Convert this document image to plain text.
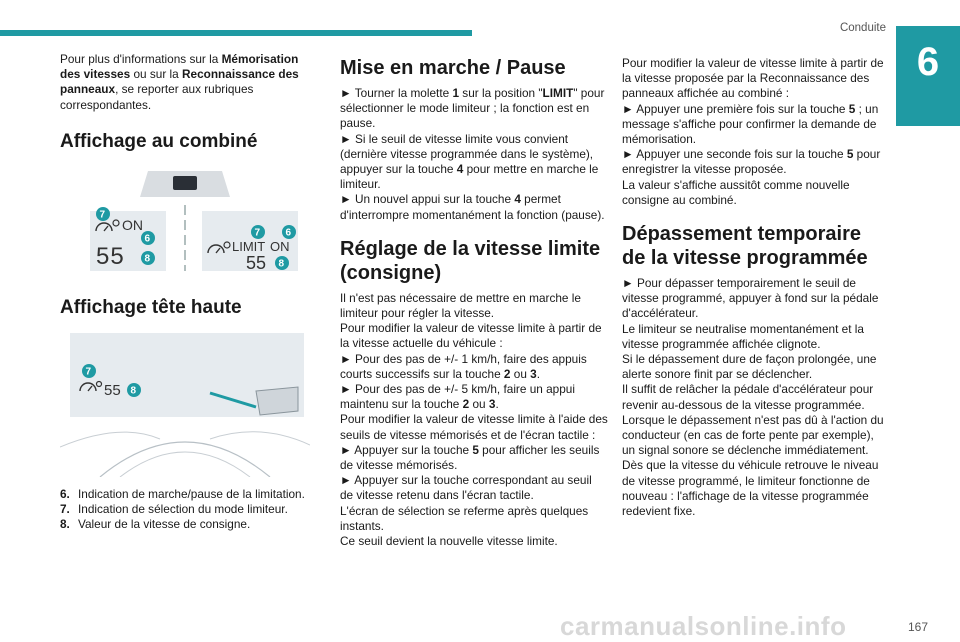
Conduite
6

Pour plus d'informations sur la Mémorisation des vitesses ou sur la Reconnaissance des panneaux, se reporter aux rubriques correspondantes.

Affichage au combiné
ON
55
7
6
8
LIMIT ON
55
7	6
8
Affichage tête haute
55
7
8
6. Indication de marche/pause de la limitation.
7. Indication de sélection du mode limiteur.
8. Valeur de la vitesse de consigne.
Mise en marche / Pause

► Tourner la molette 1 sur la position "LIMIT" pour sélectionner le mode limiteur ; la fonction est en pause.

► Si le seuil de vitesse limite vous convient (dernière vitesse programmée dans le système), appuyer sur la touche 4 pour mettre en marche le limiteur.

► Un nouvel appui sur la touche 4 permet d'interrompre momentanément la fonction (pause).

Réglage de la vitesse limite (consigne)

Il n'est pas nécessaire de mettre en marche le limiteur pour régler la vitesse.

Pour modifier la valeur de vitesse limite à partir de la vitesse actuelle du véhicule :

► Pour des pas de +/- 1 km/h, faire des appuis courts successifs sur la touche 2 ou 3.

► Pour des pas de +/- 5 km/h, faire un appui maintenu sur la touche 2 ou 3.

Pour modifier la valeur de vitesse limite à l'aide des seuils de vitesse mémorisés et de l'écran tactile :

► Appuyer sur la touche 5 pour afficher les seuils de vitesse mémorisés.

► Appuyer sur la touche correspondant au seuil de vitesse retenu dans l'écran tactile.

L'écran de sélection se referme après quelques instants.

Ce seuil devient la nouvelle vitesse limite.

Pour modifier la valeur de vitesse limite à partir de la vitesse proposée par la Reconnaissance des panneaux affichée au combiné :

► Appuyer une première fois sur la touche 5 ; un message s'affiche pour confirmer la demande de mémorisation.

► Appuyer une seconde fois sur la touche 5 pour enregistrer la vitesse proposée.

La valeur s'affiche aussitôt comme nouvelle consigne au combiné.

Dépassement temporaire de la vitesse programmée

► Pour dépasser temporairement le seuil de vitesse programmé, appuyer à fond sur la pédale d'accélérateur.

Le limiteur se neutralise momentanément et la vitesse programmée affichée clignote.

Si le dépassement dure de façon prolongée, une alerte sonore finit par se déclencher.

Il suffit de relâcher la pédale d'accélérateur pour revenir au-dessous de la vitesse programmée.

Lorsque le dépassement n'est pas dû à l'action du conducteur (en cas de forte pente par exemple), un signal sonore se déclenche immédiatement.

Dès que la vitesse du véhicule retrouve le niveau de vitesse programmé, le limiteur fonctionne de nouveau : l'affichage de la vitesse programmée redevient fixe.

167
carmanualsonline.info
